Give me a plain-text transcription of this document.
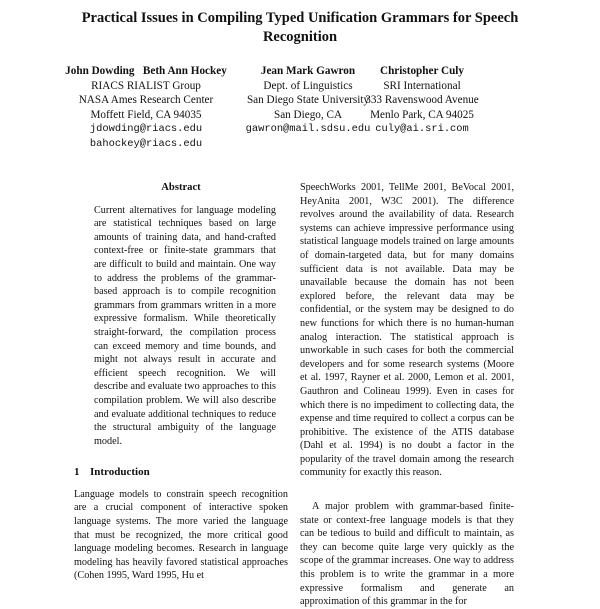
Practical Issues in Compiling Typed Unification Grammars for Speech Recognition
John Dowding   Beth Ann Hockey
RIACS RIALIST Group
NASA Ames Research Center
Moffett Field, CA 94035
jdowding@riacs.edu
bahockey@riacs.edu
Jean Mark Gawron
Dept. of Linguistics
San Diego State University
San Diego, CA
gawron@mail.sdsu.edu
Christopher Culy
SRI International
333 Ravenswood Avenue
Menlo Park, CA 94025
culy@ai.sri.com
Abstract

Current alternatives for language modeling are statistical techniques based on large amounts of training data, and hand-crafted context-free or finite-state grammars that are difficult to build and maintain. One way to address the problems of the grammar-based approach is to compile recognition grammars from grammars written in a more expressive formalism. While theoretically straight-forward, the compilation process can exceed memory and time bounds, and might not always result in accurate and efficient speech recognition. We will describe and evaluate two approaches to this compilation problem. We will also describe and evaluate additional techniques to reduce the structural ambiguity of the language model.

1 Introduction

Language models to constrain speech recognition are a crucial component of interactive spoken language systems. The more varied the language that must be recognized, the more critical good language modeling becomes. Research in language modeling has heavily favored statistical approaches (Cohen 1995, Ward 1995, Hu et

SpeechWorks 2001, TellMe 2001, BeVocal 2001, HeyAnita 2001, W3C 2001). The difference revolves around the availability of data. Research systems can achieve impressive performance using statistical language models trained on large amounts of domain-targeted data, but for many domains sufficient data is not available. Data may be unavailable because the domain has not been explored before, the relevant data may be confidential, or the system may be designed to do new functions for which there is no human-human analog interaction. The statistical approach is unworkable in such cases for both the commercial developers and for some research systems (Moore et al. 1997, Rayner et al. 2000, Lemon et al. 2001, Gauthron and Colineau 1999). Even in cases for which there is no impediment to collecting data, the expense and time required to collect a corpus can be prohibitive. The existence of the ATIS database (Dahl et al. 1994) is no doubt a factor in the popularity of the travel domain among the research community for exactly this reason.

A major problem with grammar-based finite-state or context-free language models is that they can be tedious to build and difficult to maintain, as they can become quite large very quickly as the scope of the grammar increases. One way to address this problem is to write the grammar in a more expressive formalism and generate an approximation of this grammar in the for
